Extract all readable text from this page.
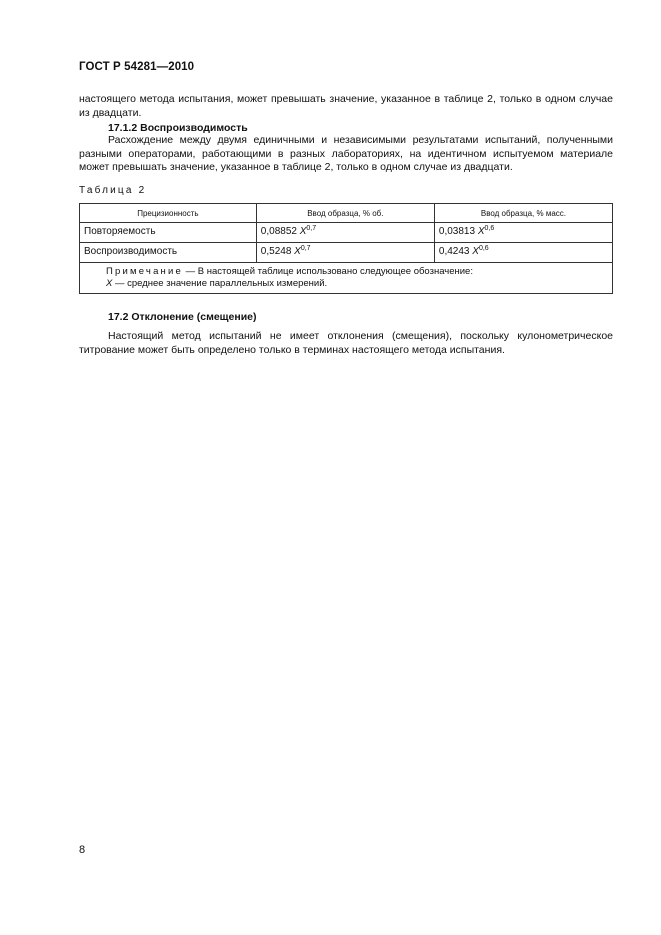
ГОСТ Р 54281—2010
настоящего метода испытания, может превышать значение, указанное в таблице 2, только в одном случае из двадцати.
17.1.2 Воспроизводимость
Расхождение между двумя единичными и независимыми результатами испытаний, полученными разными операторами, работающими в разных лабораториях, на идентичном испытуемом материале может превышать значение, указанное в таблице 2, только в одном случае из двадцати.
Таблица 2
Прецизионность	Ввод образца, % об.	Ввод образца, % масс.
Повторяемость	0,08852 X$^{0,7}$	0,03813 X$^{0,6}$
Воспроизводимость	0,5248 X$^{0,7}$	0,4243 X$^{0,6}$
Примечание — В настоящей таблице использовано следующее обозначение:
X — среднее значение параллельных измерений.		
17.2 Отклонение (смещение)
Настоящий метод испытаний не имеет отклонения (смещения), поскольку кулонометрическое титрование может быть определено только в терминах настоящего метода испытания.
8
